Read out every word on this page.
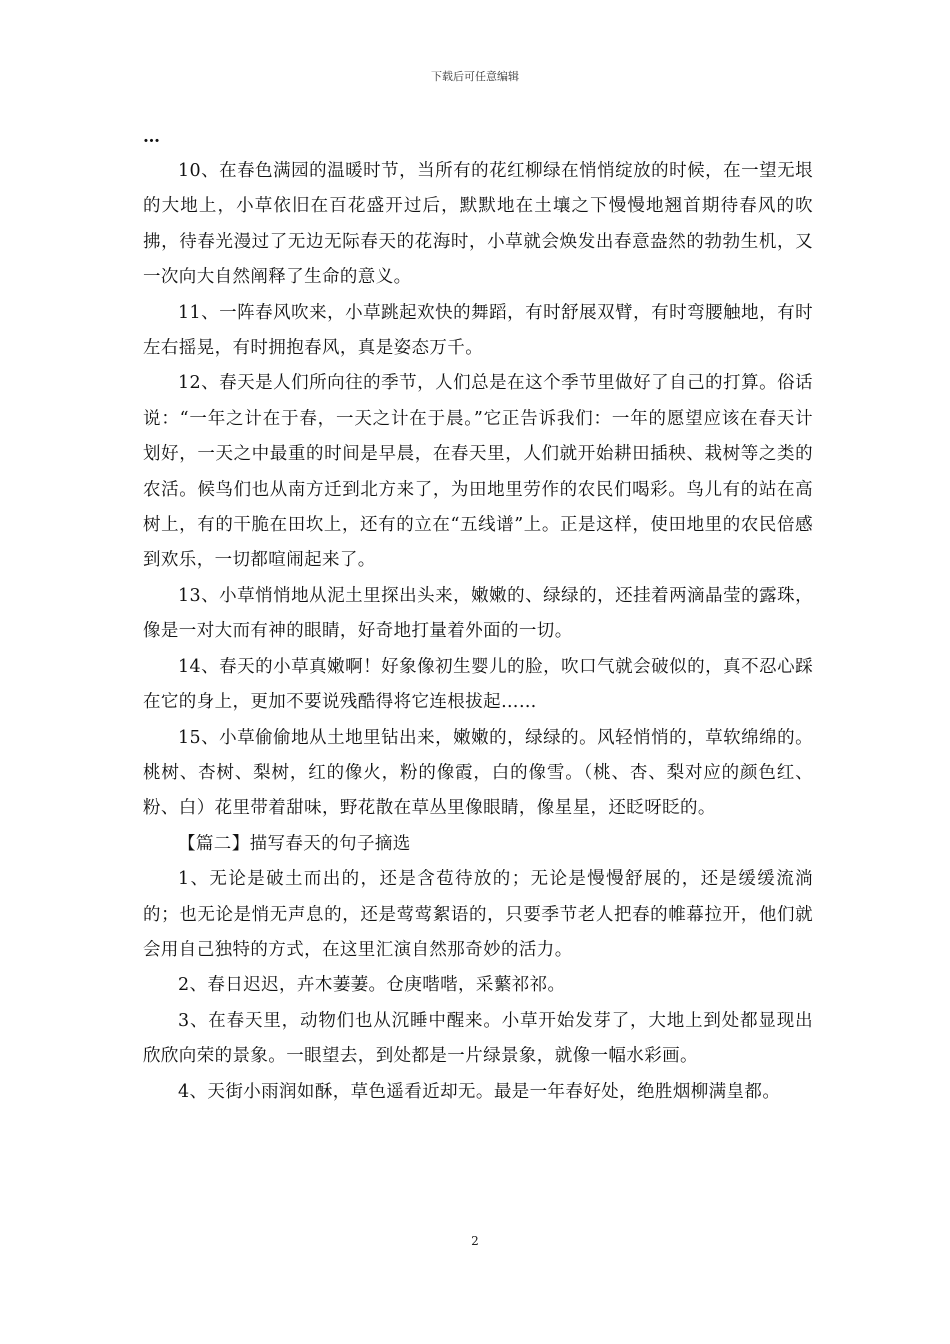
下载后可任意编辑
…

10、在春色满园的温暖时节，当所有的花红柳绿在悄悄绽放的时候，在一望无垠的大地上，小草依旧在百花盛开过后，默默地在土壤之下慢慢地翘首期待春风的吹拂，待春光漫过了无边无际春天的花海时，小草就会焕发出春意盎然的勃勃生机，又一次向大自然阐释了生命的意义。

11、一阵春风吹来，小草跳起欢快的舞蹈，有时舒展双臂，有时弯腰触地，有时左右摇晃，有时拥抱春风，真是姿态万千。

12、春天是人们所向往的季节，人们总是在这个季节里做好了自己的打算。俗话说：“一年之计在于春，一天之计在于晨。”它正告诉我们：一年的愿望应该在春天计划好，一天之中最重的时间是早晨，在春天里，人们就开始耕田插秧、栽树等之类的农活。候鸟们也从南方迁到北方来了，为田地里劳作的农民们喝彩。鸟儿有的站在高树上，有的干脆在田坎上，还有的立在“五线谱”上。正是这样，使田地里的农民倍感到欢乐，一切都喧闹起来了。

13、小草悄悄地从泥土里探出头来，嫩嫩的、绿绿的，还挂着两滴晶莹的露珠，像是一对大而有神的眼睛，好奇地打量着外面的一切。

14、春天的小草真嫩啊！好象像初生婴儿的脸，吹口气就会破似的，真不忍心踩在它的身上，更加不要说残酷得将它连根拔起……

15、小草偷偷地从土地里钻出来，嫩嫩的，绿绿的。风轻悄悄的，草软绵绵的。桃树、杏树、梨树，红的像火，粉的像霞，白的像雪。（桃、杏、梨对应的颜色红、粉、白）花里带着甜味，野花散在草丛里像眼睛，像星星，还眨呀眨的。

【篇二】描写春天的句子摘选

1、无论是破土而出的，还是含苞待放的；无论是慢慢舒展的，还是缓缓流淌的；也无论是悄无声息的，还是莺莺絮语的，只要季节老人把春的帷幕拉开，他们就会用自己独特的方式，在这里汇演自然那奇妙的活力。

2、春日迟迟，卉木萋萋。仓庚喈喈，采蘩祁祁。

3、在春天里，动物们也从沉睡中醒来。小草开始发芽了，大地上到处都显现出欣欣向荣的景象。一眼望去，到处都是一片绿景象，就像一幅水彩画。

4、天街小雨润如酥，草色遥看近却无。最是一年春好处，绝胜烟柳满皇都。

2
